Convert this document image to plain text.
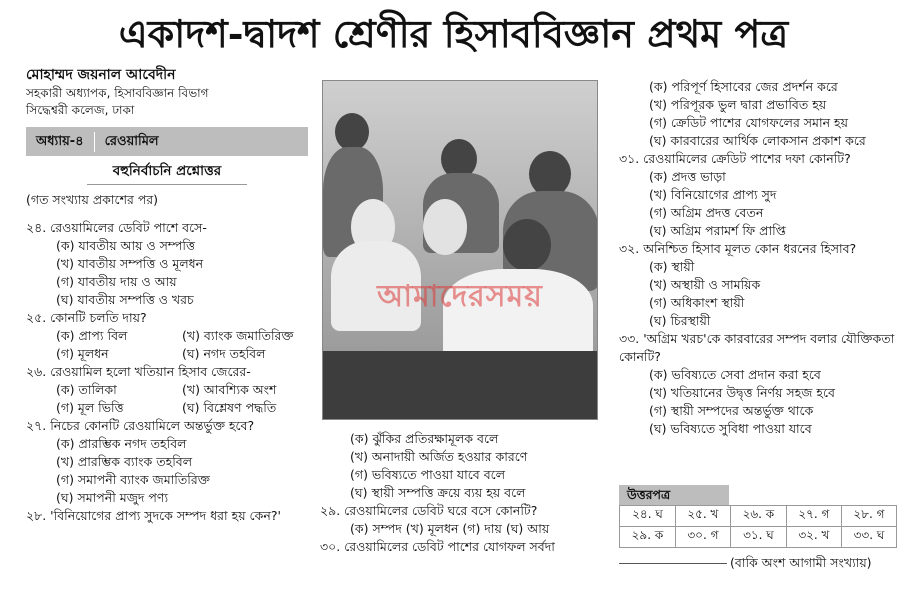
একাদশ-দ্বাদশ শ্রেণীর হিসাববিজ্ঞান প্রথম পত্র
মোহাম্মদ জয়নাল আবেদীন
সহকারী অধ্যাপক, হিসাববিজ্ঞান বিভাগ
সিদ্ধেশ্বরী কলেজ, ঢাকা
অধ্যায়-৪	রেওয়ামিল
বহুনির্বাচনি প্রশ্নোত্তর
(গত সংখ্যায় প্রকাশের পর)
২৪. রেওয়ামিলের ডেবিট পাশে বসে-
(ক) যাবতীয় আয় ও সম্পত্তি
(খ) যাবতীয় সম্পত্তি ও মূলধন
(গ) যাবতীয় দায় ও আয়
(ঘ) যাবতীয় সম্পত্তি ও খরচ
২৫. কোনটি চলতি দায়?
(ক) প্রাপ্য বিল	(খ) ব্যাংক জমাতিরিক্ত
(গ) মূলধন	(ঘ) নগদ তহবিল
২৬. রেওয়ামিল হলো খতিয়ান হিসাব জেরের-
(ক) তালিকা	(খ) আবশ্যিক অংশ
(গ) মূল ভিত্তি	(ঘ) বিশ্লেষণ পদ্ধতি
২৭. নিচের কোনটি রেওয়ামিলে অন্তর্ভুক্ত হবে?
(ক) প্রারম্ভিক নগদ তহবিল
(খ) প্রারম্ভিক ব্যাংক তহবিল
(গ) সমাপনী ব্যাংক জমাতিরিক্ত
(ঘ) সমাপনী মজুদ পণ্য
২৮. 'বিনিয়োগের প্রাপ্য সুদকে সম্পদ ধরা হয় কেন?'
আমাদেরসময়
(ক) ঝুঁকির প্রতিরক্ষামূলক বলে
(খ) অনাদায়ী অর্জিত হওয়ার কারণে
(গ) ভবিষ্যতে পাওয়া যাবে বলে
(ঘ) স্থায়ী সম্পত্তি ক্রয়ে ব্যয় হয় বলে
২৯. রেওয়ামিলের ডেবিট ঘরে বসে কোনটি?
(ক) সম্পদ (খ) মূলধন (গ) দায় (ঘ) আয়
৩০. রেওয়ামিলের ডেবিট পাশের যোগফল সর্বদা
(ক) পরিপূর্ণ হিসাবের জের প্রদর্শন করে
(খ) পরিপূরক ভুল দ্বারা প্রভাবিত হয়
(গ) ক্রেডিট পাশের যোগফলের সমান হয়
(ঘ) কারবারের আর্থিক লোকসান প্রকাশ করে
৩১. রেওয়ামিলের ক্রেডিট পাশের দফা কোনটি?
(ক) প্রদত্ত ভাড়া
(খ) বিনিয়োগের প্রাপ্য সুদ
(গ) অগ্রিম প্রদত্ত বেতন
(ঘ) অগ্রিম পরামর্শ ফি প্রাপ্তি
৩২. অনিশ্চিত হিসাব মূলত কোন ধরনের হিসাব?
(ক) স্থায়ী
(খ) অস্থায়ী ও সাময়িক
(গ) অধিকাংশ স্থায়ী
(ঘ) চিরস্থায়ী
৩৩. 'অগ্রিম খরচ'কে কারবারের সম্পদ বলার যৌক্তিকতা কোনটি?
(ক) ভবিষ্যতে সেবা প্রদান করা হবে
(খ) খতিয়ানের উদ্বৃত্ত নির্ণয় সহজ হবে
(গ) স্থায়ী সম্পদের অন্তর্ভুক্ত থাকে
(ঘ) ভবিষ্যতে সুবিধা পাওয়া যাবে
উত্তরপত্র
২৪. ঘ	২৫. খ	২৬. ক	২৭. গ	২৮. গ
২৯. ক	৩০. গ	৩১. ঘ	৩২. খ	৩৩. ঘ
(বাকি অংশ আগামী সংখ্যায়)
